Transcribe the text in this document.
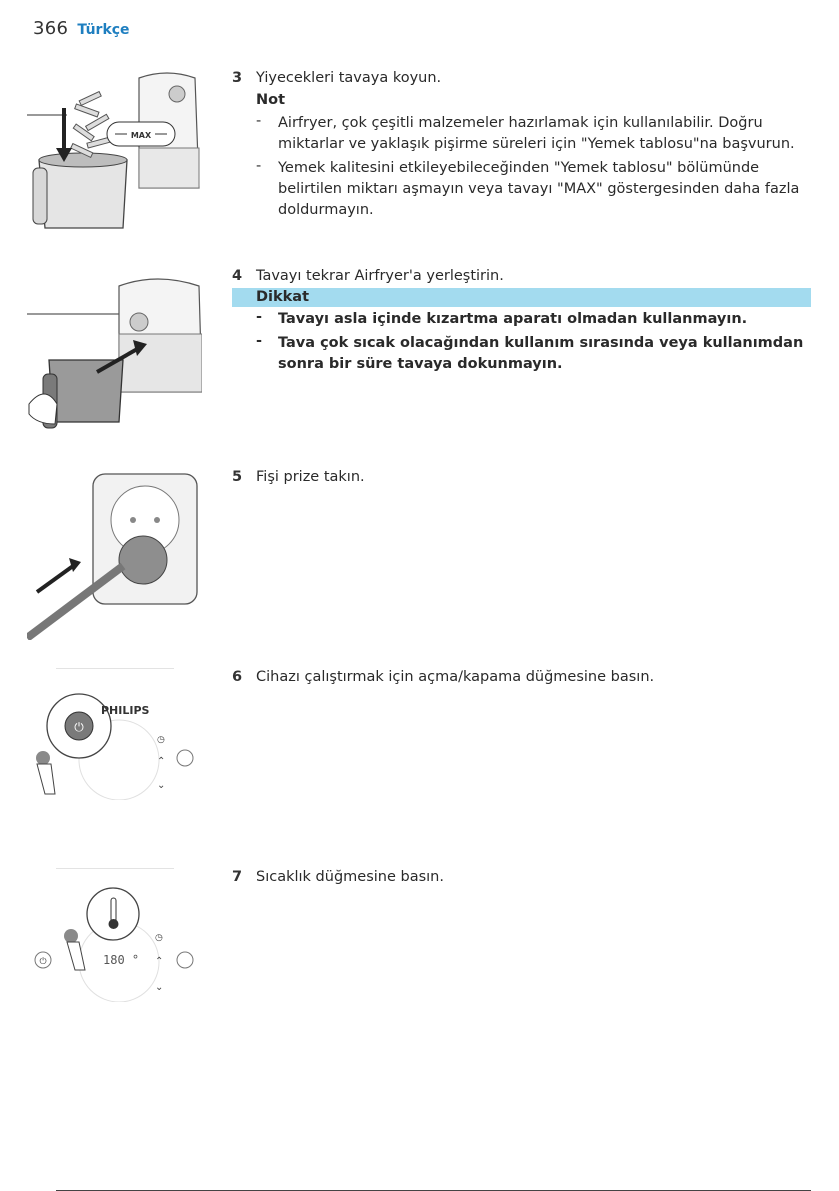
366 Türkçe
MAX
3 Yiyecekleri tavaya koyun.
Not
- Airfryer, çok çeşitli malzemeler hazırlamak için kullanılabilir. Doğru miktarlar ve yaklaşık pişirme süreleri için "Yemek tablosu"na başvurun.
- Yemek kalitesini etkileyebileceğinden "Yemek tablosu" bölümünde belirtilen miktarı aşmayın veya tavayı "MAX" göstergesinden daha fazla doldurmayın.
4 Tavayı tekrar Airfryer'a yerleştirin.
Dikkat
- Tavayı asla içinde kızartma aparatı olmadan kullanmayın.
- Tava çok sıcak olacağından kullanım sırasında veya kullanımdan sonra bir süre tavaya dokunmayın.
5 Fişi prize takın.
⏻
PHILIPS
◷
⌃
⌄
6 Cihazı çalıştırmak için açma/kapama düğmesine basın.
⏻	180 °
◷
⌃
⌄
7 Sıcaklık düğmesine basın.
